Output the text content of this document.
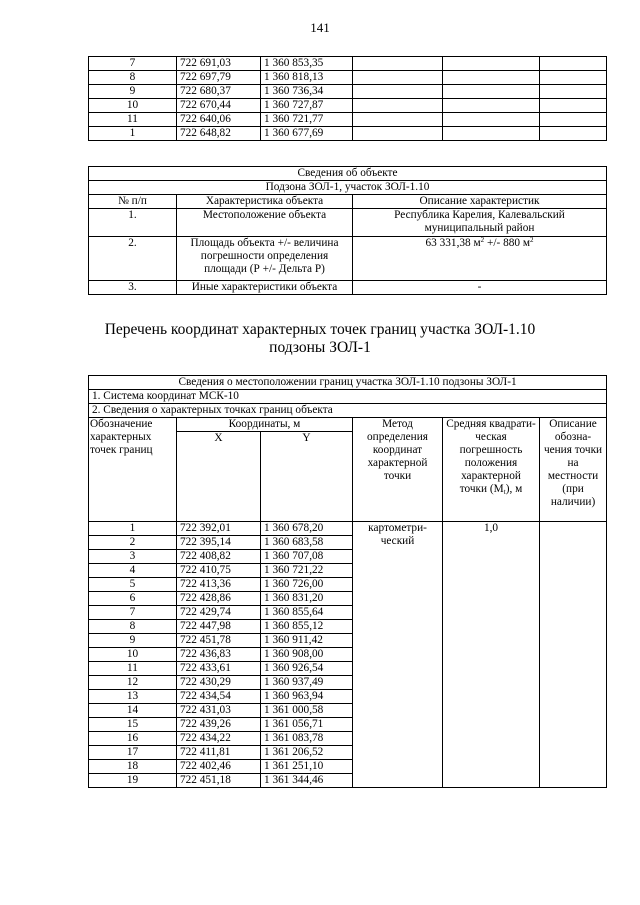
141
7	722 691,03	1 360 853,35			
8	722 697,79	1 360 818,13			
9	722 680,37	1 360 736,34			
10	722 670,44	1 360 727,87			
11	722 640,06	1 360 721,77			
1	722 648,82	1 360 677,69			
Сведения об объекте		
Подзона ЗОЛ-1, участок ЗОЛ-1.10		
№ п/п	Характеристика объекта	Описание характеристик
1.	Местоположение объекта	Республика Карелия, Калевальский муниципальный район
2.	Площадь объекта +/- величина погрешности определения площади (Р +/- Дельта Р)	63 331,38 $м^2$ +/- 880 $м^2$
3.	Иные характеристики объекта	-
Перечень координат характерных точек границ участка ЗОЛ-1.10
подзоны ЗОЛ-1
Сведения о местоположении границ участка ЗОЛ-1.10 подзоны ЗОЛ-1					
1. Система координат МСК-10					
2. Сведения о характерных точках границ объекта					
Обозначение характерных точек границ	Координаты, м		Метод определения координат характерной точки	Средняя квадрати-ческая погрешность положения характерной точки $(M_t)$, м	Описание обозна-чения точки на местности (при наличии)
	X	Y			
1	722 392,01	1 360 678,20	картометри-ческий	1,0	
2	722 395,14	1 360 683,58			
3	722 408,82	1 360 707,08			
4	722 410,75	1 360 721,22			
5	722 413,36	1 360 726,00			
6	722 428,86	1 360 831,20			
7	722 429,74	1 360 855,64			
8	722 447,98	1 360 855,12			
9	722 451,78	1 360 911,42			
10	722 436,83	1 360 908,00			
11	722 433,61	1 360 926,54			
12	722 430,29	1 360 937,49			
13	722 434,54	1 360 963,94			
14	722 431,03	1 361 000,58			
15	722 439,26	1 361 056,71			
16	722 434,22	1 361 083,78			
17	722 411,81	1 361 206,52			
18	722 402,46	1 361 251,10			
19	722 451,18	1 361 344,46			
